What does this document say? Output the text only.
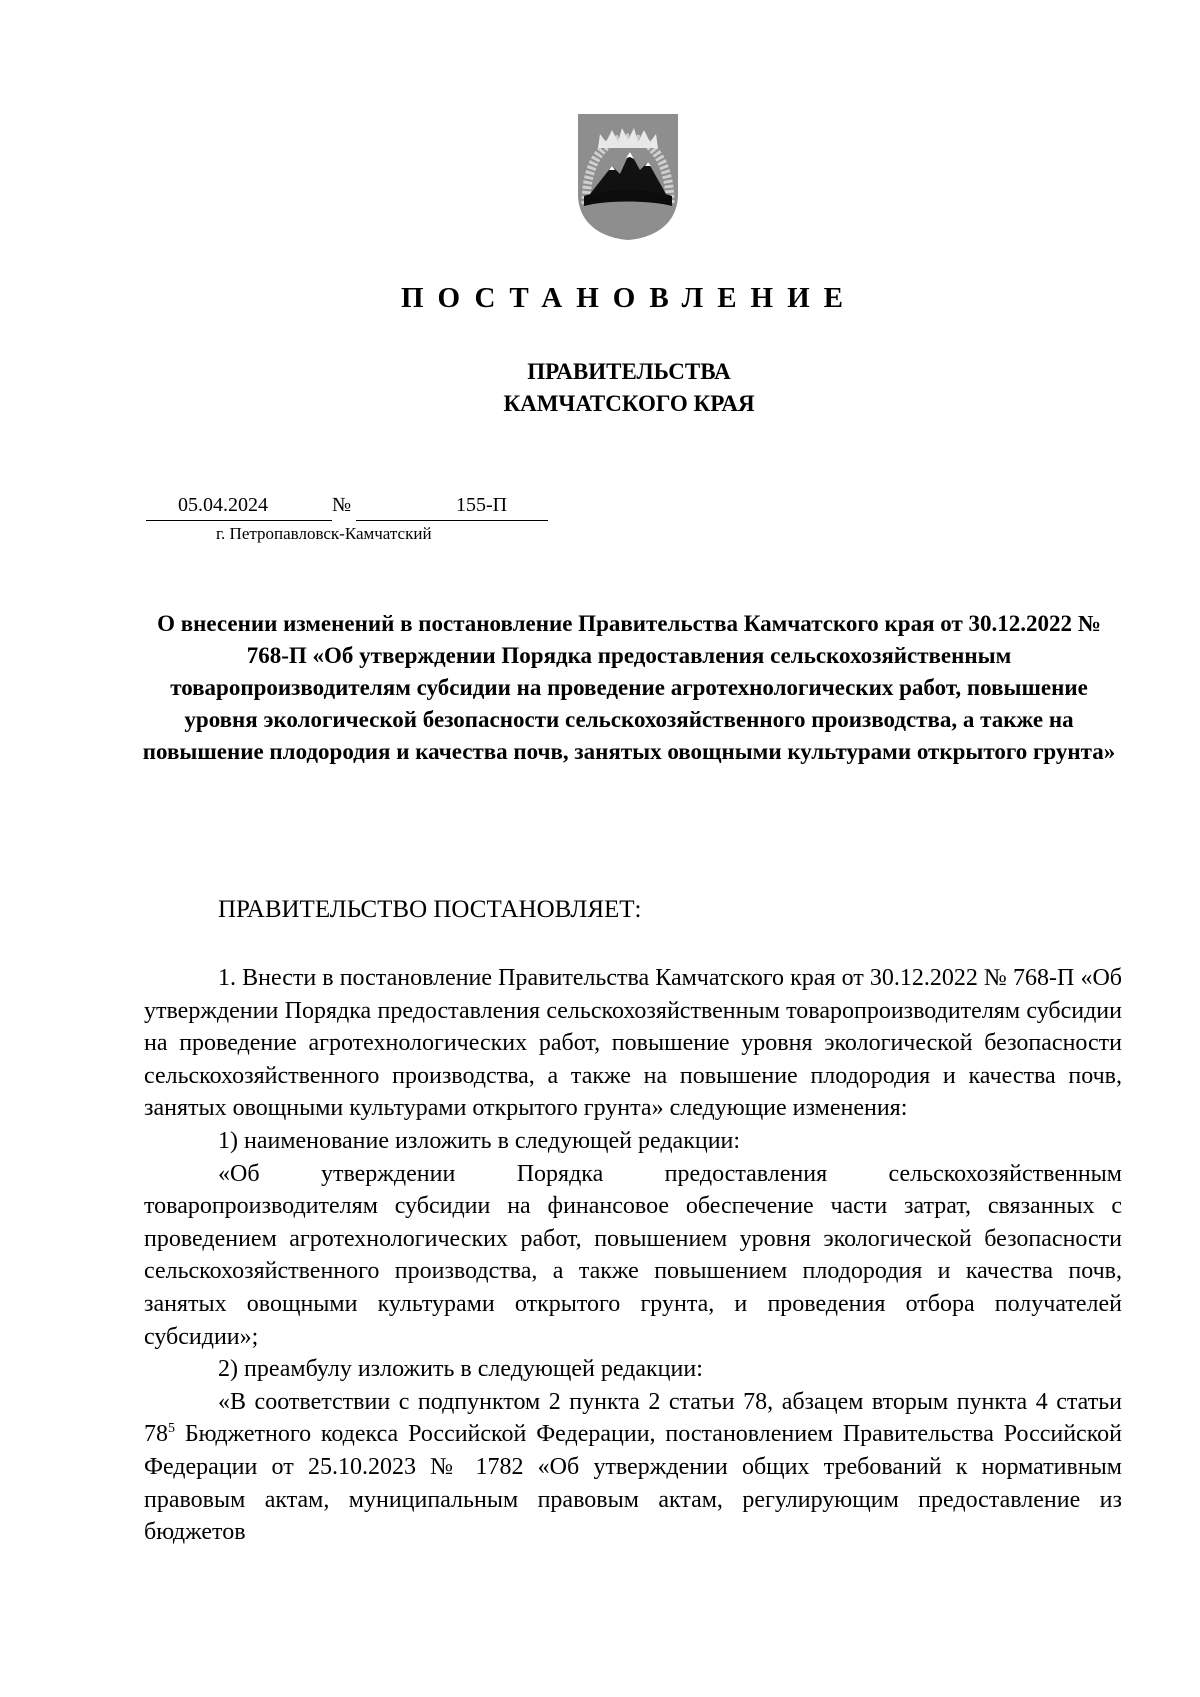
ПОСТАНОВЛЕНИЕ
ПРАВИТЕЛЬСТВА
КАМЧАТСКОГО КРАЯ
05.04.2024	№	155-П
г. Петропавловск-Камчатский
О внесении изменений в постановление Правительства Камчатского края от 30.12.2022 № 768-П «Об утверждении Порядка предоставления сельскохозяйственным товаропроизводителям субсидии на проведение агротехнологических работ, повышение уровня экологической безопасности сельскохозяйственного производства, а также на повышение плодородия и качества почв, занятых овощными культурами открытого грунта»
ПРАВИТЕЛЬСТВО ПОСТАНОВЛЯЕТ:

1. Внести в постановление Правительства Камчатского края от 30.12.2022 № 768-П «Об утверждении Порядка предоставления сельскохозяйственным товаропроизводителям субсидии на проведение агротехнологических работ, повышение уровня экологической безопасности сельскохозяйственного производства, а также на повышение плодородия и качества почв, занятых овощными культурами открытого грунта» следующие изменения:

1) наименование изложить в следующей редакции:

«Об утверждении Порядка предоставления сельскохозяйственным товаропроизводителям субсидии на финансовое обеспечение части затрат, связанных с проведением агротехнологических работ, повышением уровня экологической безопасности сельскохозяйственного производства, а также повышением плодородия и качества почв, занятых овощными культурами открытого грунта, и проведения отбора получателей субсидии»;

2) преамбулу изложить в следующей редакции:

«В соответствии с подпунктом 2 пункта 2 статьи 78, абзацем вторым пункта 4 статьи $78^5$ Бюджетного кодекса Российской Федерации, постановлением Правительства Российской Федерации от 25.10.2023 № 1782 «Об утверждении общих требований к нормативным правовым актам, муниципальным правовым актам, регулирующим предоставление из бюджетов
